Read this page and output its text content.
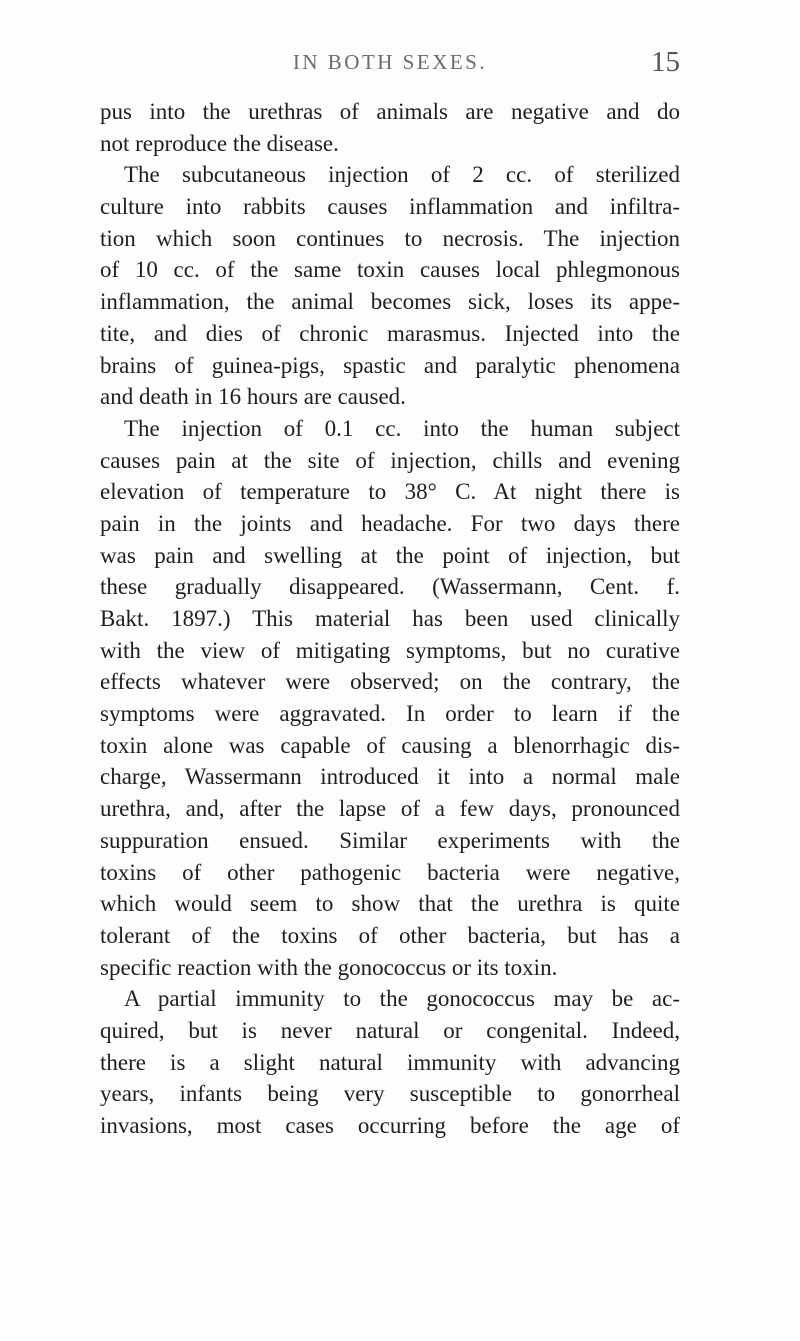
IN BOTH SEXES.	15
pus into the urethras of animals are negative and do
not reproduce the disease.
The subcutaneous injection of 2 cc. of sterilized
culture into rabbits causes inflammation and infiltra-
tion which soon continues to necrosis. The injection
of 10 cc. of the same toxin causes local phlegmonous
inflammation, the animal becomes sick, loses its appe-
tite, and dies of chronic marasmus. Injected into the
brains of guinea-pigs, spastic and paralytic phenomena
and death in 16 hours are caused.
The injection of 0.1 cc. into the human subject
causes pain at the site of injection, chills and evening
elevation of temperature to 38° C. At night there is
pain in the joints and headache. For two days there
was pain and swelling at the point of injection, but
these gradually disappeared. (Wassermann, Cent. f.
Bakt. 1897.) This material has been used clinically
with the view of mitigating symptoms, but no curative
effects whatever were observed; on the contrary, the
symptoms were aggravated. In order to learn if the
toxin alone was capable of causing a blenorrhagic dis-
charge, Wassermann introduced it into a normal male
urethra, and, after the lapse of a few days, pronounced
suppuration ensued. Similar experiments with the
toxins of other pathogenic bacteria were negative,
which would seem to show that the urethra is quite
tolerant of the toxins of other bacteria, but has a
specific reaction with the gonococcus or its toxin.
A partial immunity to the gonococcus may be ac-
quired, but is never natural or congenital. Indeed,
there is a slight natural immunity with advancing
years, infants being very susceptible to gonorrheal
invasions, most cases occurring before the age of
